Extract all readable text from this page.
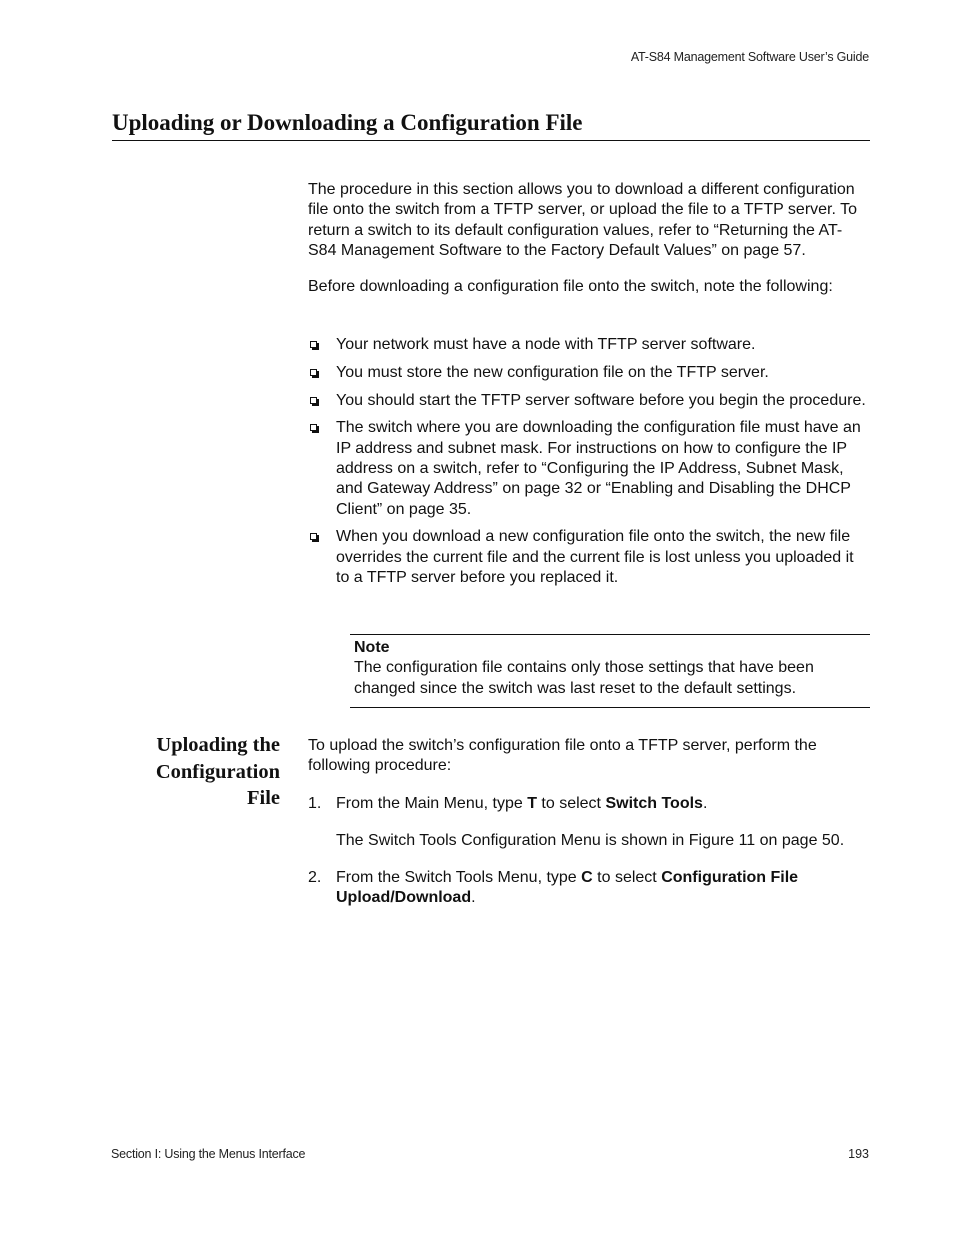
AT-S84 Management Software User’s Guide
Uploading or Downloading a Configuration File

The procedure in this section allows you to download a different configuration file onto the switch from a TFTP server, or upload the file to a TFTP server. To return a switch to its default configuration values, refer to “Returning the AT-S84 Management Software to the Factory Default Values” on page 57.

Before downloading a configuration file onto the switch, note the following:

Your network must have a node with TFTP server software.
You must store the new configuration file on the TFTP server.
You should start the TFTP server software before you begin the procedure.
The switch where you are downloading the configuration file must have an IP address and subnet mask. For instructions on how to configure the IP address on a switch, refer to “Configuring the IP Address, Subnet Mask, and Gateway Address” on page 32 or “Enabling and Disabling the DHCP Client” on page 35.
When you download a new configuration file onto the switch, the new file overrides the current file and the current file is lost unless you uploaded it to a TFTP server before you replaced it.
Note
The configuration file contains only those settings that have been changed since the switch was last reset to the default settings.
Uploading the
Configuration
File

To upload the switch’s configuration file onto a TFTP server, perform the following procedure:

1. From the Main Menu, type T to select Switch Tools.

The Switch Tools Configuration Menu is shown in Figure 11 on page 50.

2. From the Switch Tools Menu, type C to select Configuration File Upload/Download.
Section I: Using the Menus Interface	193
